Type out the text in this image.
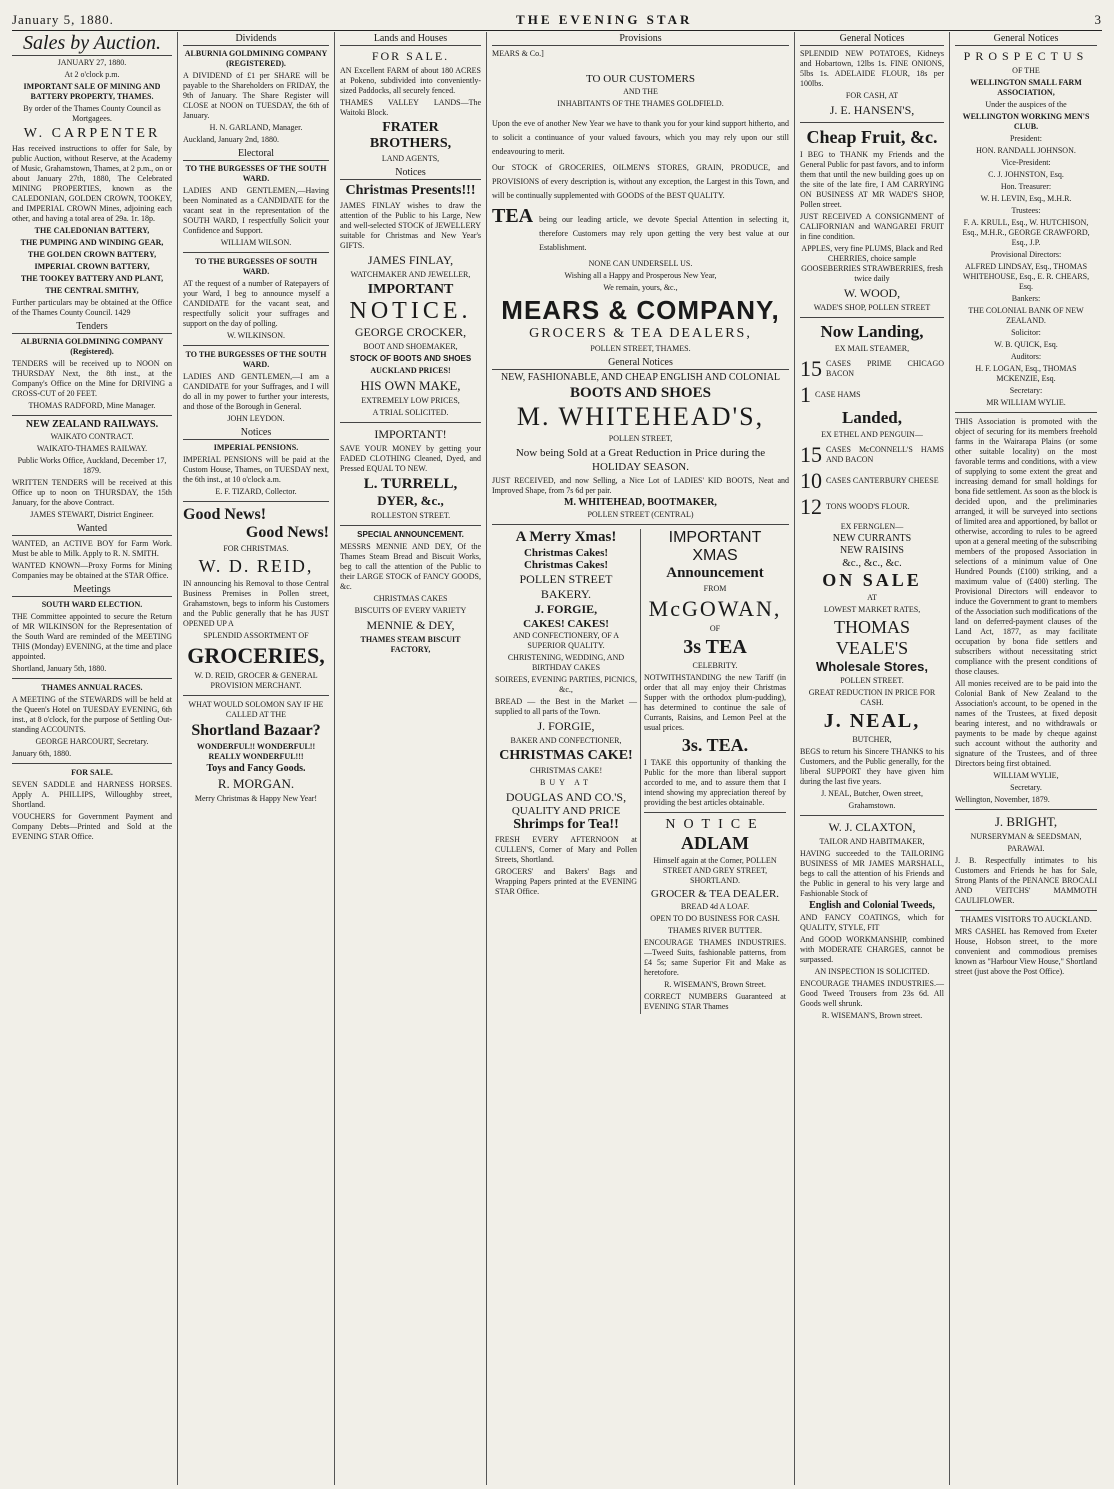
January 5, 1880.	THE EVENING STAR	3
Sales by Auction.

JANUARY 27, 1880.

At 2 o'clock p.m.

IMPORTANT SALE OF MINING AND BATTERY PROPERTY, THAMES.

By order of the Thames County Council as Mortgagees.

W. CARPENTER

Has received instructions to offer for Sale, by public Auction, without Reserve, at the Academy of Music, Grahamstown, Thames, at 2 p.m., on or about January 27th, 1880, The Celebrated MINING PROPERTIES, known as the CALEDONIAN, GOLDEN CROWN, TOOKEY, and IMPERIAL CROWN Mines, adjoining each other, and having a total area of 29a. 1r. 18p.

THE CALEDONIAN BATTERY,

THE PUMPING AND WINDING GEAR,

THE GOLDEN CROWN BATTERY,

IMPERIAL CROWN BATTERY,

THE TOOKEY BATTERY AND PLANT,

THE CENTRAL SMITHY,

Further particulars may be obtained at the Office of the Thames County Council. 1429

Tenders

ALBURNIA GOLDMINING COMPANY (Registered).

TENDERS will be received up to NOON on THURSDAY Next, the 8th inst., at the Company's Office on the Mine for DRIVING a CROSS-CUT of 20 FEET.

THOMAS RADFORD, Mine Manager.

NEW ZEALAND RAILWAYS.

WAIKATO CONTRACT.

WAIKATO-THAMES RAILWAY.

Public Works Office, Auckland, December 17, 1879.

WRITTEN TENDERS will be received at this Office up to noon on THURSDAY, the 15th January, for the above Contract.

JAMES STEWART, District Engineer.

Wanted

WANTED, an ACTIVE BOY for Farm Work. Must be able to Milk. Apply to R. N. SMITH.

WANTED KNOWN—Proxy Forms for Mining Companies may be obtained at the STAR Office.

Meetings

SOUTH WARD ELECTION.

THE Committee appointed to secure the Return of MR WILKINSON for the Representation of the South Ward are reminded of the MEETING THIS (Monday) EVENING, at the time and place appointed.

Shortland, January 5th, 1880.

THAMES ANNUAL RACES.

A MEETING of the STEWARDS will be held at the Queen's Hotel on TUESDAY EVENING, 6th inst., at 8 o'clock, for the purpose of Settling Out-standing ACCOUNTS.

GEORGE HARCOURT, Secretary.

January 6th, 1880.

FOR SALE.

SEVEN SADDLE and HARNESS HORSES. Apply A. PHILLIPS, Willoughby street, Shortland.

VOUCHERS for Government Payment and Company Debts—Printed and Sold at the EVENING STAR Office.

Dividends

ALBURNIA GOLDMINING COMPANY (REGISTERED).

A DIVIDEND of £1 per SHARE will be payable to the Shareholders on FRIDAY, the 9th of January. The Share Register will CLOSE at NOON on TUESDAY, the 6th of January.

H. N. GARLAND, Manager.

Auckland, January 2nd, 1880.

Electoral

TO THE BURGESSES OF THE SOUTH WARD.

LADIES AND GENTLEMEN,—Having been Nominated as a CANDIDATE for the vacant seat in the representation of the SOUTH WARD, I respectfully Solicit your Confidence and Support.

WILLIAM WILSON.

TO THE BURGESSES OF SOUTH WARD.

AT the request of a number of Ratepayers of your Ward, I beg to announce myself a CANDIDATE for the vacant seat, and respectfully solicit your suffrages and support on the day of polling.

W. WILKINSON.

TO THE BURGESSES OF THE SOUTH WARD.

LADIES AND GENTLEMEN,—I am a CANDIDATE for your Suffrages, and I will do all in my power to further your interests, and those of the Borough in General.

JOHN LEYDON.

Notices

IMPERIAL PENSIONS.

IMPERIAL PENSIONS will be paid at the Custom House, Thames, on TUESDAY next, the 6th inst., at 10 o'clock a.m.

E. F. TIZARD, Collector.

Good News!
Good News!

FOR CHRISTMAS.

W. D. REID,

IN announcing his Removal to those Central Business Premises in Pollen street, Grahamstown, begs to inform his Customers and the Public generally that he has JUST OPENED UP A

SPLENDID ASSORTMENT OF

GROCERIES,

W. D. REID, GROCER & GENERAL PROVISION MERCHANT.

WHAT WOULD SOLOMON SAY IF HE CALLED AT THE

Shortland Bazaar?

WONDERFUL!! WONDERFUL!! REALLY WONDERFUL!!!

Toys and Fancy Goods.

R. MORGAN.

Merry Christmas & Happy New Year!

Lands and Houses
FOR SALE.

AN Excellent FARM of about 180 ACRES at Pokeno, subdivided into conveniently-sized Paddocks, all securely fenced.

THAMES VALLEY LANDS—The Waitoki Block.

FRATER BROTHERS,

LAND AGENTS,

Notices
Christmas Presents!!!

JAMES FINLAY wishes to draw the attention of the Public to his Large, New and well-selected STOCK of JEWELLERY suitable for Christmas and New Year's GIFTS.

JAMES FINLAY,

WATCHMAKER AND JEWELLER,

IMPORTANT
NOTICE.
GEORGE CROCKER,

BOOT AND SHOEMAKER,

STOCK OF BOOTS AND SHOES

AUCKLAND PRICES!

HIS OWN MAKE,

EXTREMELY LOW PRICES,

A TRIAL SOLICITED.

IMPORTANT!

SAVE YOUR MONEY by getting your FADED CLOTHING Cleaned, Dyed, and Pressed EQUAL TO NEW.

L. TURRELL,
DYER, &c.,

ROLLESTON STREET.

SPECIAL ANNOUNCEMENT.

MESSRS MENNIE AND DEY, Of the Thames Steam Bread and Biscuit Works, beg to call the attention of the Public to their LARGE STOCK of FANCY GOODS, &c.

CHRISTMAS CAKES

BISCUITS OF EVERY VARIETY

MENNIE & DEY,

THAMES STEAM BISCUIT FACTORY,

Provisions

MEARS & Co.]

TO OUR CUSTOMERS

AND THE

INHABITANTS OF THE THAMES GOLDFIELD.

Upon the eve of another New Year we have to thank you for your kind support hitherto, and to solicit a continuance of your valued favours, which you may rely upon our still endeavouring to merit.

Our STOCK of GROCERIES, OILMEN'S STORES, GRAIN, PRODUCE, and PROVISIONS of every description is, without any exception, the Largest in this Town, and will be continually supplemented with GOODS of the BEST QUALITY.

TEA being our leading article, we devote Special Attention in selecting it, therefore Customers may rely upon getting the very best value at our Establishment.

NONE CAN UNDERSELL US.

Wishing all a Happy and Prosperous New Year,

We remain, yours, &c.,

MEARS & COMPANY,
GROCERS & TEA DEALERS,

POLLEN STREET, THAMES.

General Notices

NEW, FASHIONABLE, AND CHEAP ENGLISH AND COLONIAL

BOOTS AND SHOES
M. WHITEHEAD'S,

POLLEN STREET,

Now being Sold at a Great Reduction in Price during the HOLIDAY SEASON.

JUST RECEIVED, and now Selling, a Nice Lot of LADIES' KID BOOTS, Neat and Improved Shape, from 7s 6d per pair.

M. WHITEHEAD, BOOTMAKER,

POLLEN STREET (CENTRAL)

A Merry Xmas!

Christmas Cakes!

Christmas Cakes!

POLLEN STREET BAKERY.
J. FORGIE,

CAKES! CAKES!

AND CONFECTIONERY, OF A SUPERIOR QUALITY.

CHRISTENING, WEDDING, AND BIRTHDAY CAKES

SOIREES, EVENING PARTIES, PICNICS, &c.,

BREAD — the Best in the Market — supplied to all parts of the Town.

J. FORGIE,

BAKER AND CONFECTIONER,

CHRISTMAS CAKE!

CHRISTMAS CAKE!

BUY AT

DOUGLAS AND CO.'S,
QUALITY AND PRICE
Shrimps for Tea!!

FRESH EVERY AFTERNOON at CULLEN'S, Corner of Mary and Pollen Streets, Shortland.

GROCERS' and Bakers' Bags and Wrapping Papers printed at the EVENING STAR Office.

IMPORTANT XMAS
Announcement

FROM

McGOWAN,

OF

3s TEA

CELEBRITY.

NOTWITHSTANDING the new Tariff (in order that all may enjoy their Christmas Supper with the orthodox plum-pudding), has determined to continue the sale of Currants, Raisins, and Lemon Peel at the usual prices.

3s. TEA.

I TAKE this opportunity of thanking the Public for the more than liberal support accorded to me, and to assure them that I intend showing my appreciation thereof by providing the best articles obtainable.

NOTICE
ADLAM

Himself again at the Corner, POLLEN STREET AND GREY STREET, SHORTLAND.

GROCER & TEA DEALER.

BREAD 4d A LOAF.

OPEN TO DO BUSINESS FOR CASH.

THAMES RIVER BUTTER.

ENCOURAGE THAMES INDUSTRIES.—Tweed Suits, fashionable patterns, from £4 5s; same Superior Fit and Make as heretofore.

R. WISEMAN'S, Brown Street.

CORRECT NUMBERS Guaranteed at EVENING STAR Thames

General Notices

SPLENDID NEW POTATOES, Kidneys and Hobartown, 12lbs 1s. FINE ONIONS, 5lbs 1s. ADELAIDE FLOUR, 18s per 100lbs.

FOR CASH, AT

J. E. HANSEN'S,
Cheap Fruit, &c.

I BEG to THANK my Friends and the General Public for past favors, and to inform them that until the new building goes up on the site of the late fire, I AM CARRYING ON BUSINESS AT MR WADE'S SHOP, Pollen street.

JUST RECEIVED A CONSIGNMENT of CALIFORNIAN and WANGAREI FRUIT in fine condition.

APPLES, very fine PLUMS, Black and Red CHERRIES, choice sample GOOSEBERRIES STRAWBERRIES, fresh twice daily

W. WOOD,

WADE'S SHOP, POLLEN STREET

Now Landing,

EX MAIL STEAMER,

15 CASES PRIME CHICAGO BACON

1 CASE HAMS

Landed,

EX ETHEL AND PENGUIN—

15 CASES McCONNELL'S HAMS AND BACON

10 CASES CANTERBURY CHEESE

12 TONS WOOD'S FLOUR.

EX FERNGLEN—

NEW CURRANTS

NEW RAISINS

&c., &c., &c.

ON SALE

AT

LOWEST MARKET RATES,

THOMAS VEALE'S
Wholesale Stores,

POLLEN STREET.

GREAT REDUCTION IN PRICE FOR CASH.

J. NEAL,

BUTCHER,

BEGS to return his Sincere THANKS to his Customers, and the Public generally, for the liberal SUPPORT they have given him during the last five years.

J. NEAL, Butcher, Owen street,

Grahamstown.

W. J. CLAXTON,

TAILOR AND HABITMAKER,

HAVING succeeded to the TAILORING BUSINESS of MR JAMES MARSHALL, begs to call the attention of his Friends and the Public in general to his very large and Fashionable Stock of

English and Colonial Tweeds,

AND FANCY COATINGS, which for QUALITY, STYLE, FIT

And GOOD WORKMANSHIP, combined with MODERATE CHARGES, cannot be surpassed.

AN INSPECTION IS SOLICITED.

ENCOURAGE THAMES INDUSTRIES.—Good Tweed Trousers from 23s 6d. All Goods well shrunk.

R. WISEMAN'S, Brown street.

General Notices
PROSPECTUS

OF THE

WELLINGTON SMALL FARM ASSOCIATION,

Under the auspices of the

WELLINGTON WORKING MEN'S CLUB.

President:

HON. RANDALL JOHNSON.

Vice-President:

C. J. JOHNSTON, Esq.

Hon. Treasurer:

W. H. LEVIN, Esq., M.H.R.

Trustees:

F. A. KRULL, Esq., W. HUTCHISON, Esq., M.H.R., GEORGE CRAWFORD, Esq., J.P.

Provisional Directors:

ALFRED LINDSAY, Esq., THOMAS WHITEHOUSE, Esq., E. R. CHEARS, Esq.

Bankers:

THE COLONIAL BANK OF NEW ZEALAND.

Solicitor:

W. B. QUICK, Esq.

Auditors:

H. F. LOGAN, Esq., THOMAS MCKENZIE, Esq.

Secretary:

MR WILLIAM WYLIE.

THIS Association is promoted with the object of securing for its members freehold farms in the Wairarapa Plains (or some other suitable locality) on the most favorable terms and conditions, with a view of supplying to some extent the great and increasing demand for small holdings for bona fide settlement. As soon as the block is decided upon, and the preliminaries arranged, it will be surveyed into sections of limited area and apportioned, by ballot or otherwise, according to rules to be agreed upon at a general meeting of the subscribing members of the proposed Association in selections of a minimum value of One Hundred Pounds (£100) striking, and a maximum value of (£400) sterling. The Provisional Directors will endeavor to induce the Government to grant to members of the Association such modifications of the land on deferred-payment clauses of the Land Act, 1877, as may facilitate occupation by bona fide settlers and subscribers without necessitating strict compliance with the present conditions of those clauses.

All monies received are to be paid into the Colonial Bank of New Zealand to the Association's account, to be opened in the names of the Trustees, at fixed deposit bearing interest, and no withdrawals or payments to be made by cheque against such account without the authority and signature of the Trustees, and of three Directors being first obtained.

WILLIAM WYLIE,

Secretary.

Wellington, November, 1879.

J. BRIGHT,

NURSERYMAN & SEEDSMAN,

PARAWAI.

J. B. Respectfully intimates to his Customers and Friends he has for Sale, Strong Plants of the PENANCE BROCALI AND VEITCHS' MAMMOTH CAULIFLOWER.

THAMES VISITORS TO AUCKLAND.

MRS CASHEL has Removed from Exeter House, Hobson street, to the more convenient and commodious premises known as "Harbour View House," Shortland street (just above the Post Office).
